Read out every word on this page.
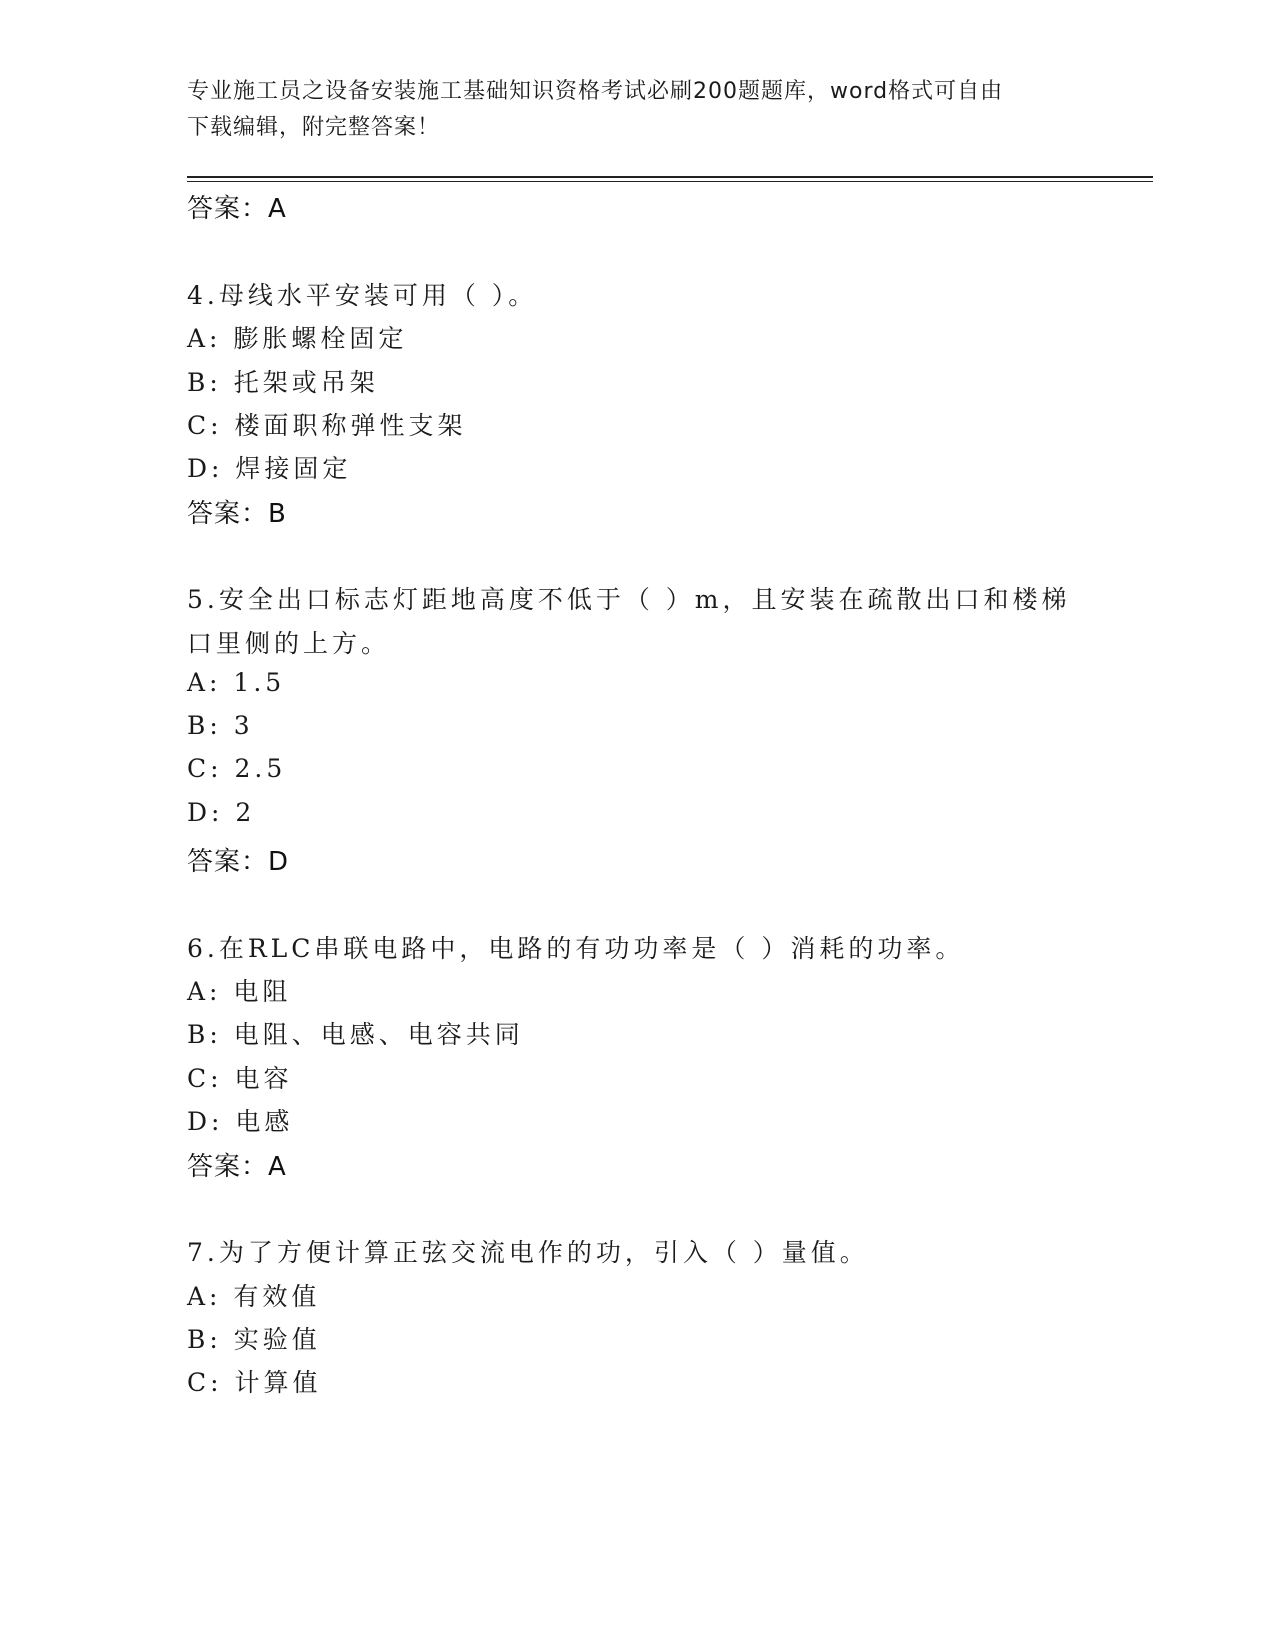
专业施工员之设备安装施工基础知识资格考试必刷200题题库，word格式可自由
下载编辑，附完整答案！
答案：A
4.母线水平安装可用（ ）。
A: 膨胀螺栓固定
B: 托架或吊架
C: 楼面职称弹性支架
D: 焊接固定
答案：B
5.安全出口标志灯距地高度不低于（ ）m，且安装在疏散出口和楼梯
口里侧的上方。
A: 1.5
B: 3
C: 2.5
D: 2
答案：D
6.在RLC串联电路中，电路的有功功率是（ ）消耗的功率。
A: 电阻
B: 电阻、电感、电容共同
C: 电容
D: 电感
答案：A
7.为了方便计算正弦交流电作的功，引入（ ）量值。
A: 有效值
B: 实验值
C: 计算值
